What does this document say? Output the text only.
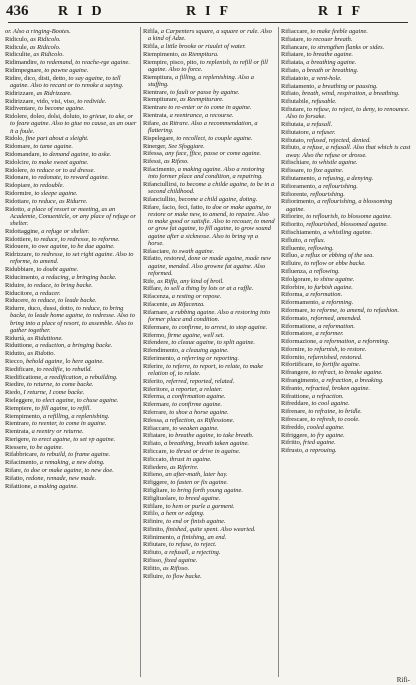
436 RID	RIF	RIF
or. Also a ringing-Bootes.
Ridiculo, as Ridicolo.
Ridicule, as Ridicolo.
Ridiculite, as Ridicolo.
Ridimandire, to redemand, to reache-rge againe.
Ridimpegnare, to pawne againe.
Ridire, dico, disti, detto, to say againe, to tell againe. Also to recant or to renoke a saying.
Ridirizzare, as Ridrizzare.
Ridirizzare, vido, visi, viso, to redivide.
Ridiventare, to become againe.
Ridolere, doleo, dolsi, doluto, to grieue, to ake, or to feare againe. Also to giue no cause, as an ouer it a foule.
Ridolo, fine part about a sleight.
Ridomare, to tame againe.
Ridomandare, to demand againe, to aske.
Ridolcire, to make sweet againe.
Ridolere, to reduce or to ad dresse.
Ridonare, to redonate, to reward againe.
Ridopiare, to redouble.
Ridormire, to sleepe againe.
Ridottare, to reduce, as Ridurre.
Ridotto, a place of resort or meeting, as an Academie, Conuenticle, or any place of refuge or shelter.
Ridottaggine, a refuge or shelter.
Ridottiere, to reduce, to redresse, to reforme.
Ridouere, to owe againe, to be due againe.
Ridrizzare, to redresse, to set right againe. Also to reforme, to amend.
Ridubbiare, to doubt againe.
Riducimento, a reducing, a bringing backe.
Riduire, to reduce, to bring backe.
Riducitore, a reducer.
Riducere, to reduce, to leade backe.
Ridurre, duco, dussi, dotto, to reduce, to bring backe, to leade home againe, to redresse. Also to bring into a place of resort, to assemble. Also to gather together.
Ridurtà, as Riduttione.
Riduttione, a reduction, a bringing backe.
Ridutto, as Ridotto.
Riecco, behold againe, lo here againe.
Riedificare, to reedifie, to rebuild.
Riedificatione, a reedification, a rebuilding.
Riedire, to returne, to come backe.
Riedo, I returne, I come backe.
Rieleggere, to elect againe, to chuse againe.
Riempiere, to fill againe, to refill.
Riempimento, a refilling, a replenishing.
Rientrare, to reenter, to come in againe.
Rientrata, a reentry or returne.
Rierigere, to erect againe, to set vp againe.
Riessere, to be againe.
Rifabbricare, to rebuild, to frame againe.
Rifacimento, a remaking, a new doing.
Rifare, to doe or make againe, to new doe.
Rifatto, redone, remade, new made.
Rifattione, a making againe.
Rifila, a Carpenters square, a square or rule. Also a kind of Adze.
Rifila, a little brooke or riuulet of water.
Riempimento, as Riempitura.
Riempire, pisco, pito, to replenish, to refill or fill againe. Also to force.
Riempitura, a filling, a replenishing. Also a stuffing.
Rientrare, to fault or passe by againe.
Riempiturare, as Reempiturare.
Rientrare to re-enter or to come in againe.
Rientrata, a reentrance, a recourse.
Rifare, as Ritrare. Also a recommendation, a flattering.
Rispelegare, to recollect, to couple againe.
Rinerger, See Sfoggiare.
Rifessa, any face, ffice, passe or come againe.
Rifessi, as Rifeso.
Rifacimento, a making againe. Also a restoring into former place and condition, a repairing.
Rifanciullirsi, to become a childe againe, to be in a second childhood.
Rifanciullito, become a child againe, doting.
Rifare, facio, feci, fatto, to doe or make againe, to restore or make new, to amend, to repaire. Also to make good or satisfie. Also to recouer, to mend or grow fat againe, to fill againe, to grow sound againe after a sicknesse. Also to bring vp a horse.
Rifasciare, to swath againe.
Rifatto, restored, done or made againe, made new againe, mended. Also growne fat againe. Also reformed.
Rife, as Riffa, any kind of broil.
Riffare, to sell a thing by lots or at a raffle.
Rifacenza, a resting or repose.
Rifacente, as Rifacenza.
Rifarnare, a rubbing againe. Also a restoring into former place and condition.
Rifermare, to confirme, to arrest, to stop againe.
Rifermo, firme againe, well set.
Rifendere, to cleaue againe, to split againe.
Rifendimento, a cleauing againe.
Riferimento, a referring or reporting.
Riferire, to referre, to report, to relate, to make relation of, to relate.
Riferito, referred, reported, related.
Riferitore, a reporter, a relater.
Riferma, a confirmation againe.
Rifermare, to confirme againe.
Riferrare, to shoe a horse againe.
Rifessa, a reflection, as Riflessione.
Rifiaccare, to weaken againe.
Rifiatare, to breathe againe, to take breath.
Rifiato, a breathing, breath taken againe.
Rificcare, to thrust or drive in againe.
Rificcato, thrust in againe.
Rifiedere, as Riferire.
Rifieno, an after-math, later hay.
Rifiggere, to fasten or fix againe.
Rifigliare, to bring forth young againe.
Rifigliuolare, to breed againe.
Rifilare, to hem or purle a garment.
Rifilo, a hem or edging.
Rifinire, to end or finish againe.
Rifinito, finished, quite spent. Also wearied.
Rifinimento, a finishing, an end.
Rifiutare, to refuse, to reject.
Rifiuto, a refusall, a rejecting.
Rifisso, fixed againe.
Rifitto, as Rifisso.
Rifluire, to flow backe.
Rifiaccare, to make feeble againe.
Rifiatare, to recouer breath.
Rifiancare, to strengthen flanks or sides.
Rifiatare, to breathe againe.
Rifiatata, a breathing againe.
Rifiato, a breath or breathing.
Rifiatatoio, a vent-hole.
Rifiatamento, a breathing or pausing.
Rifiato, breath, wind, respiration, a breathing.
Rifiutabile, refusable.
Rifiutare, to refuse, to reject, to deny, to renounce. Also to forsake.
Rifiutata, a refusall.
Rifiutatore, a refuser.
Rifiutato, refused, rejected, denied.
Rifiuto, a refuse, a refusall. Also that which is cast away. Also the refuse or drosse.
Rifischiare, to whistle againe.
Rifissare, to fixe againe.
Rifiutamento, a refusing, a denying.
Rifioramento, a reflourishing.
Rifiorente, reflourishing.
Rifiorimento, a reflourishing, a blossoming againe.
Rifiorire, to reflourish, to blossome againe.
Rifiorito, reflourished, blossomed againe.
Rifischiamento, a whistling againe.
Rifluito, a reflux.
Rifluente, reflowing.
Rifluo, a reflux or ebbing of the sea.
Rifluire, to reflow or ebbe backe.
Rifluenza, a reflowing.
Rifolgorare, to shine againe.
Riforbire, to furbish againe.
Riforma, a reformation.
Riformamento, a reforming.
Riformare, to reforme, to amend, to refashion.
Riformato, reformed, amended.
Riformatione, a reformation.
Riformatore, a reformer.
Riformazione, a reformation, a reforming.
Rifornire, to refurnish, to restore.
Rifornito, refurnished, restored.
Rifortificare, to fortifie againe.
Rifrangere, to refract, to breake againe.
Rifrangimento, a refraction, a breaking.
Rifranto, refracted, broken againe.
Rifrattione, a refraction.
Rifreddare, to cool againe.
Rifrenare, to refraine, to bridle.
Rifrescare, to refresh, to coole.
Rifreddo, cooled againe.
Rifriggere, to fry againe.
Rifritto, fried againe.
Rifrusto, a reprouing.
Rifi-
